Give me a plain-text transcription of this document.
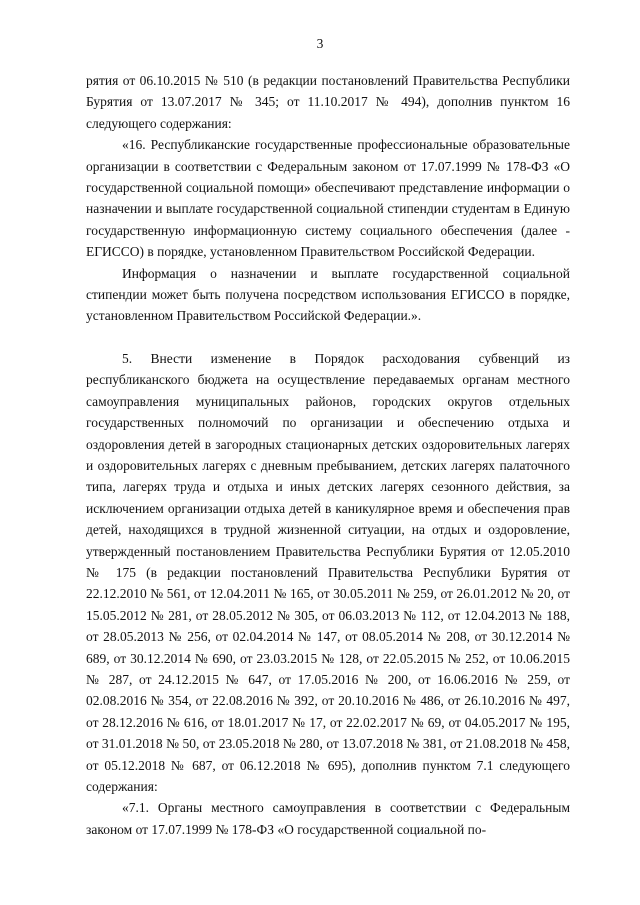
3

рятия от 06.10.2015 № 510 (в редакции постановлений Правительства Республики Бурятия от 13.07.2017 № 345; от 11.10.2017 № 494), дополнив пунктом 16 следующего содержания:

«16. Республиканские государственные профессиональные образовательные организации в соответствии с Федеральным законом от 17.07.1999 № 178-ФЗ «О государственной социальной помощи» обеспечивают представление информации о назначении и выплате государственной социальной стипендии студентам в Единую государственную информационную систему социального обеспечения (далее - ЕГИССО) в порядке, установленном Правительством Российской Федерации.

Информация о назначении и выплате государственной социальной стипендии может быть получена посредством использования ЕГИССО в порядке, установленном Правительством Российской Федерации.».

5. Внести изменение в Порядок расходования субвенций из республиканского бюджета на осуществление передаваемых органам местного самоуправления муниципальных районов, городских округов отдельных государственных полномочий по организации и обеспечению отдыха и оздоровления детей в загородных стационарных детских оздоровительных лагерях и оздоровительных лагерях с дневным пребыванием, детских лагерях палаточного типа, лагерях труда и отдыха и иных детских лагерях сезонного действия, за исключением организации отдыха детей в каникулярное время и обеспечения прав детей, находящихся в трудной жизненной ситуации, на отдых и оздоровление, утвержденный постановлением Правительства Республики Бурятия от 12.05.2010 № 175 (в редакции постановлений Правительства Республики Бурятия от 22.12.2010 № 561, от 12.04.2011 № 165, от 30.05.2011 № 259, от 26.01.2012 № 20, от 15.05.2012 № 281, от 28.05.2012 № 305, от 06.03.2013 № 112, от 12.04.2013 № 188, от 28.05.2013 № 256, от 02.04.2014 № 147, от 08.05.2014 № 208, от 30.12.2014 № 689, от 30.12.2014 № 690, от 23.03.2015 № 128, от 22.05.2015 № 252, от 10.06.2015 № 287, от 24.12.2015 № 647, от 17.05.2016 № 200, от 16.06.2016 № 259, от 02.08.2016 № 354, от 22.08.2016 № 392, от 20.10.2016 № 486, от 26.10.2016 № 497, от 28.12.2016 № 616, от 18.01.2017 № 17, от 22.02.2017 № 69, от 04.05.2017 № 195, от 31.01.2018 № 50, от 23.05.2018 № 280, от 13.07.2018 № 381, от 21.08.2018 № 458, от 05.12.2018 № 687, от 06.12.2018 № 695), дополнив пунктом 7.1 следующего содержания:

«7.1. Органы местного самоуправления в соответствии с Федеральным законом от 17.07.1999 № 178-ФЗ «О государственной социальной по-
